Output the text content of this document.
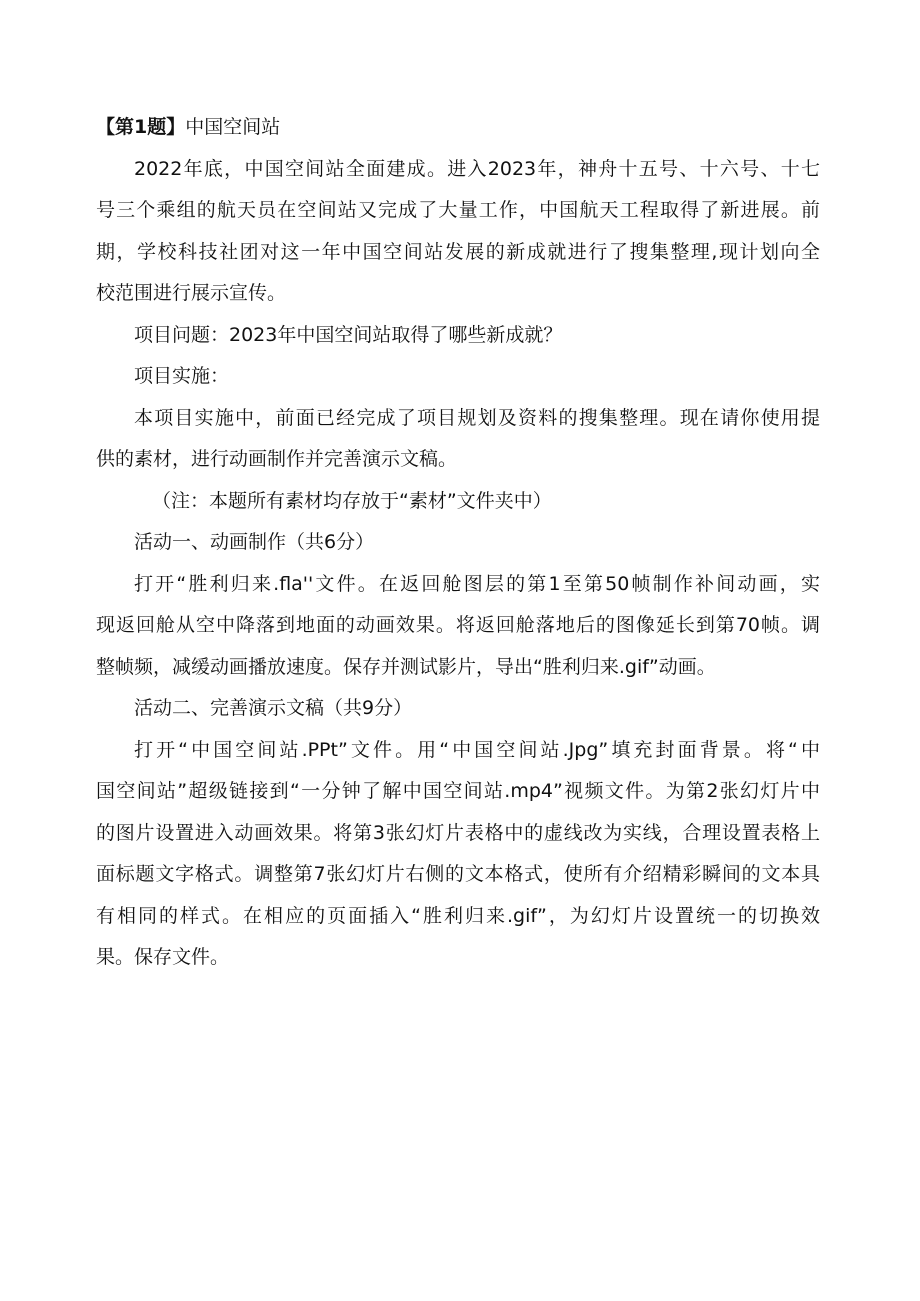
【第1题】中国空间站
2022年底，中国空间站全面建成。进入2023年，神舟十五号、十六号、十七
号三个乘组的航天员在空间站又完成了大量工作，中国航天工程取得了新进展。前
期，学校科技社团对这一年中国空间站发展的新成就进行了搜集整理,现计划向全
校范围进行展示宣传。
项目问题：2023年中国空间站取得了哪些新成就？
项目实施：
本项目实施中，前面已经完成了项目规划及资料的搜集整理。现在请你使用提
供的素材，进行动画制作并完善演示文稿。
（注：本题所有素材均存放于“素材”文件夹中）
活动一、动画制作（共6分）
打开“胜利归来.fla''文件。在返回舱图层的第1至第50帧制作补间动画，实
现返回舱从空中降落到地面的动画效果。将返回舱落地后的图像延长到第70帧。调
整帧频，减缓动画播放速度。保存并测试影片，导出“胜利归来.gif”动画。
活动二、完善演示文稿（共9分）
打开“中国空间站.PPt”文件。用“中国空间站.Jpg”填充封面背景。将“中
国空间站”超级链接到“一分钟了解中国空间站.mp4”视频文件。为第2张幻灯片中
的图片设置进入动画效果。将第3张幻灯片表格中的虚线改为实线，合理设置表格上
面标题文字格式。调整第7张幻灯片右侧的文本格式，使所有介绍精彩瞬间的文本具
有相同的样式。在相应的页面插入“胜利归来.gif”，为幻灯片设置统一的切换效
果。保存文件。
